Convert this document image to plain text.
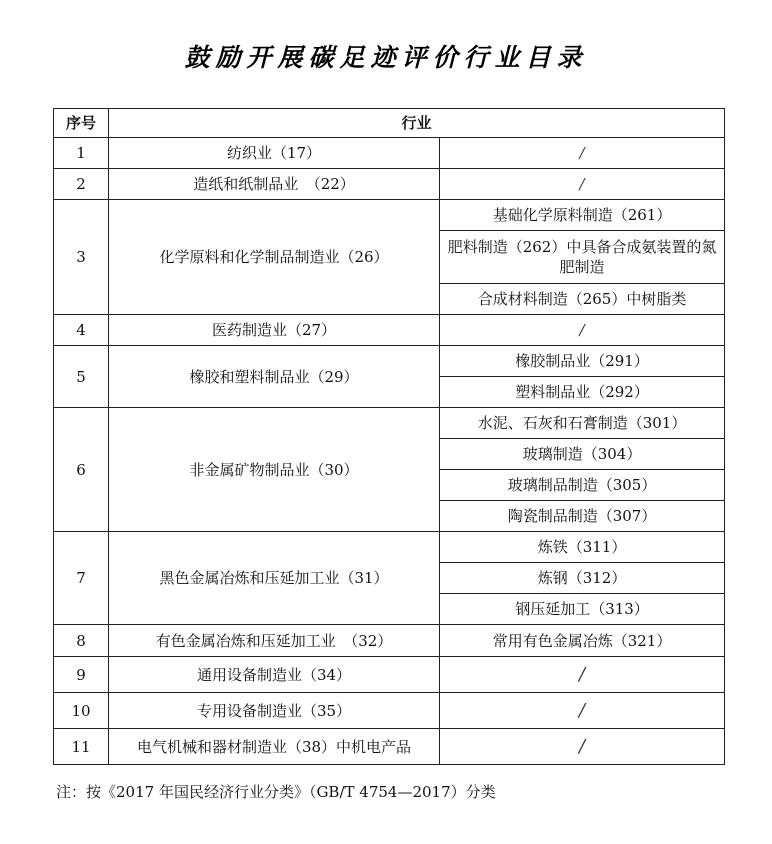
鼓励开展碳足迹评价行业目录
序号	行业	
1	纺织业（17）	/
2	造纸和纸制品业　（22）	/
3	化学原料和化学制品制造业（26）	基础化学原料制造（261）
		肥料制造（262）中具备合成氨装置的氮肥制造
		合成材料制造（265）中树脂类
4	医药制造业（27）	/
5	橡胶和塑料制品业（29）	橡胶制品业（291）
		塑料制品业（292）
6	非金属矿物制品业（30）	水泥、石灰和石膏制造（301）
		玻璃制造（304）
		玻璃制品制造（305）
		陶瓷制品制造（307）
7	黑色金属冶炼和压延加工业（31）	炼铁（311）
		炼钢（312）
		钢压延加工（313）
8	有色金属冶炼和压延加工业　（32）	常用有色金属冶炼（321）
9	通用设备制造业（34）	/
10	专用设备制造业（35）	/
11	电气机械和器材制造业（38）中机电产品	/
注：按《2017 年国民经济行业分类》（GB/T 4754—2017）分类
